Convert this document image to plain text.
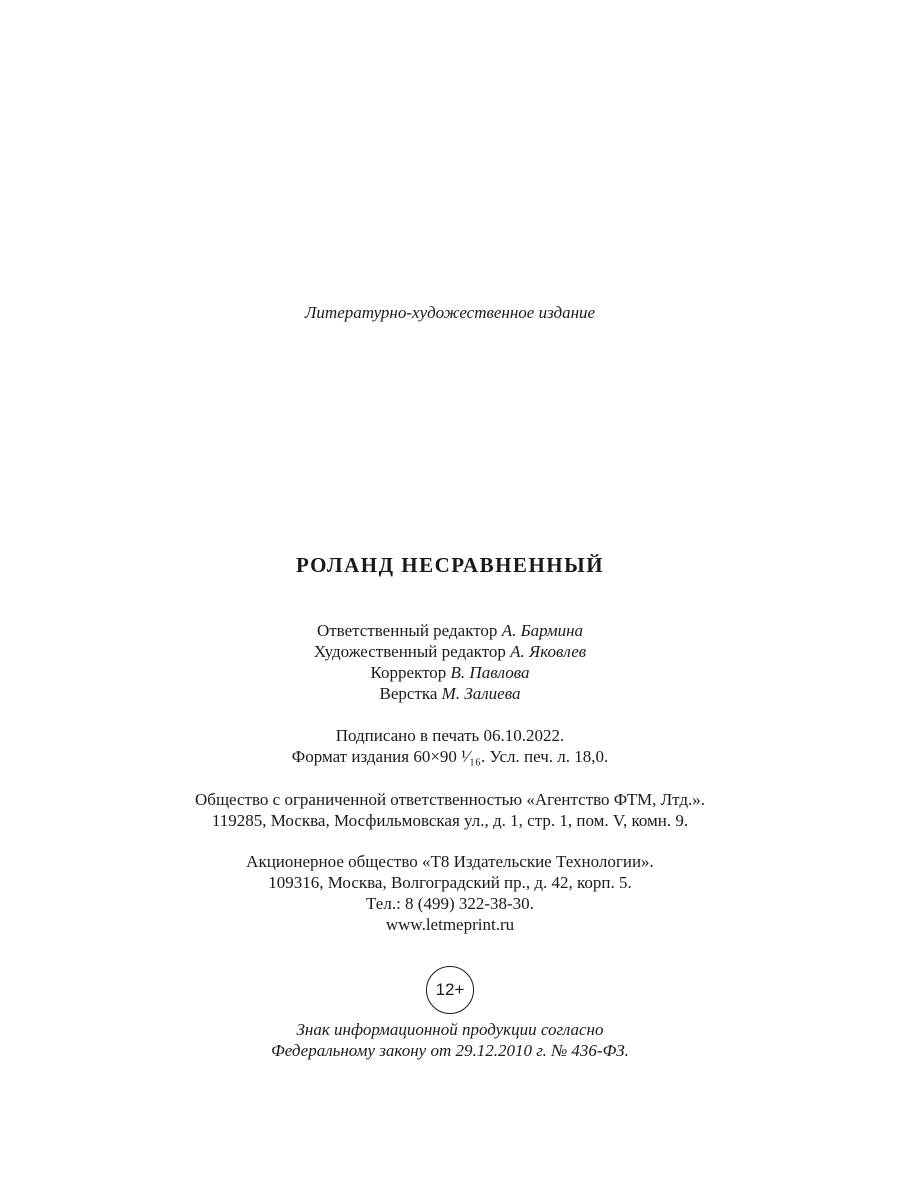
Литературно-художественное издание
РОЛАНД НЕСРАВНЕННЫЙ
Ответственный редактор А. Бармина
Художественный редактор А. Яковлев
Корректор В. Павлова
Верстка М. Залиева
Подписано в печать 06.10.2022.
Формат издания 60×90 ¹⁄₁₆. Усл. печ. л. 18,0.
Общество с ограниченной ответственностью «Агентство ФТМ, Лтд.».
119285, Москва, Мосфильмовская ул., д. 1, стр. 1, пом. V, комн. 9.
Акционерное общество «Т8 Издательские Технологии».
109316, Москва, Волгоградский пр., д. 42, корп. 5.
Тел.: 8 (499) 322-38-30.
www.letmeprint.ru
12+
Знак информационной продукции согласно
Федеральному закону от 29.12.2010 г. № 436-ФЗ.
